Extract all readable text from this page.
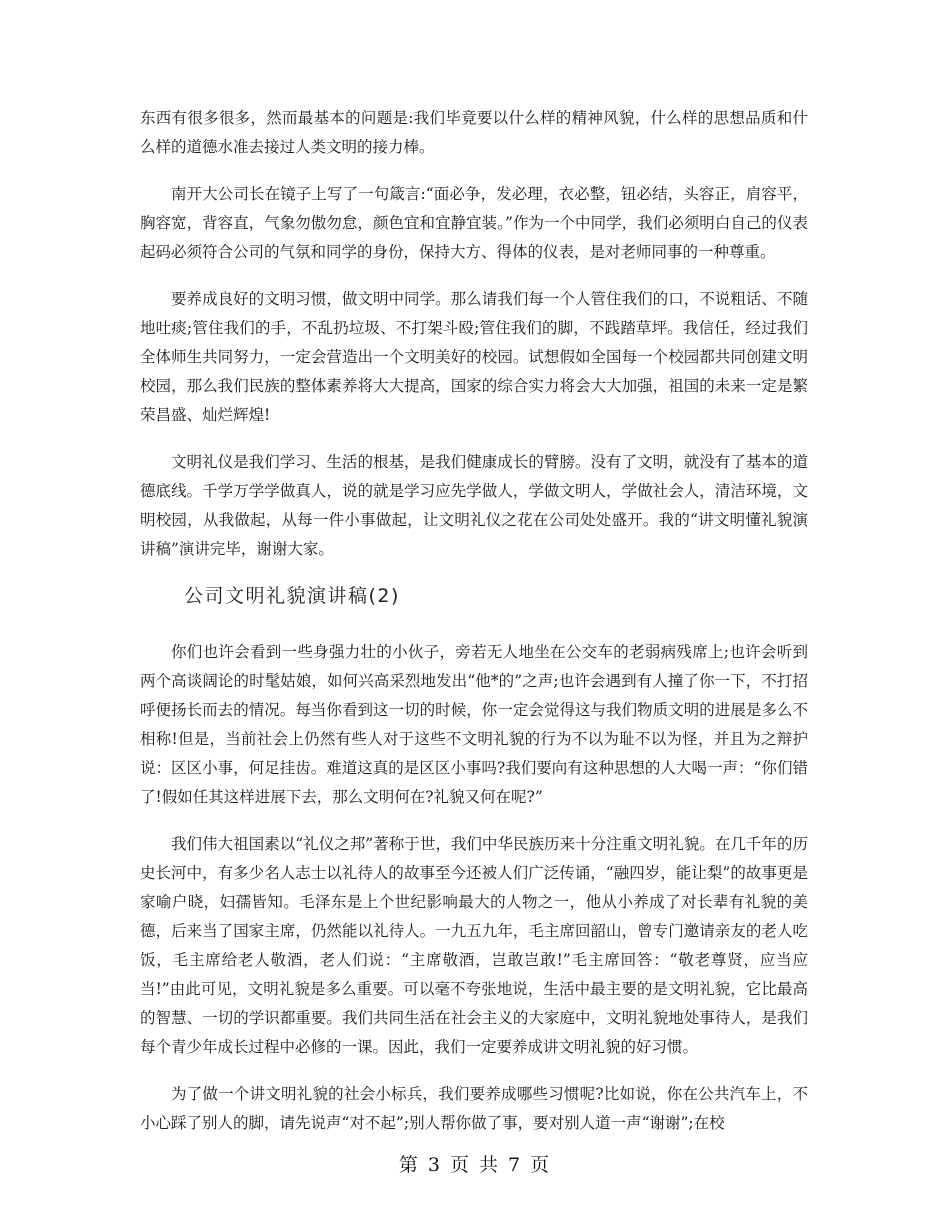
东西有很多很多，然而最基本的问题是:我们毕竟要以什么样的精神风貌，什么样的思想品质和什么样的道德水准去接过人类文明的接力棒。

南开大公司长在镜子上写了一句箴言:“面必争，发必理，衣必整，钮必结，头容正，肩容平，胸容宽，背容直，气象勿傲勿怠，颜色宜和宜静宜装。”作为一个中同学，我们必须明白自己的仪表起码必须符合公司的气氛和同学的身份，保持大方、得体的仪表，是对老师同事的一种尊重。

要养成良好的文明习惯，做文明中同学。那么请我们每一个人管住我们的口，不说粗话、不随地吐痰;管住我们的手，不乱扔垃圾、不打架斗殴;管住我们的脚，不践踏草坪。我信任，经过我们全体师生共同努力，一定会营造出一个文明美好的校园。试想假如全国每一个校园都共同创建文明校园，那么我们民族的整体素养将大大提高，国家的综合实力将会大大加强，祖国的未来一定是繁荣昌盛、灿烂辉煌!

文明礼仪是我们学习、生活的根基，是我们健康成长的臂膀。没有了文明，就没有了基本的道德底线。千学万学学做真人，说的就是学习应先学做人，学做文明人，学做社会人，清洁环境，文明校园，从我做起，从每一件小事做起，让文明礼仪之花在公司处处盛开。我的“讲文明懂礼貌演讲稿”演讲完毕，谢谢大家。

公司文明礼貌演讲稿(2)

你们也许会看到一些身强力壮的小伙子，旁若无人地坐在公交车的老弱病残席上;也许会听到两个高谈阔论的时髦姑娘，如何兴高采烈地发出“他*的”之声;也许会遇到有人撞了你一下，不打招呼便扬长而去的情况。每当你看到这一切的时候，你一定会觉得这与我们物质文明的进展是多么不相称!但是，当前社会上仍然有些人对于这些不文明礼貌的行为不以为耻不以为怪，并且为之辩护说：区区小事，何足挂齿。难道这真的是区区小事吗?我们要向有这种思想的人大喝一声：“你们错了!假如任其这样进展下去，那么文明何在?礼貌又何在呢?”

我们伟大祖国素以“礼仪之邦”著称于世，我们中华民族历来十分注重文明礼貌。在几千年的历史长河中，有多少名人志士以礼待人的故事至今还被人们广泛传诵，“融四岁，能让梨”的故事更是家喻户晓，妇孺皆知。毛泽东是上个世纪影响最大的人物之一，他从小养成了对长辈有礼貌的美德，后来当了国家主席，仍然能以礼待人。一九五九年，毛主席回韶山，曾专门邀请亲友的老人吃饭，毛主席给老人敬酒，老人们说：“主席敬酒，岂敢岂敢!”毛主席回答：“敬老尊贤，应当应当!”由此可见，文明礼貌是多么重要。可以毫不夸张地说，生活中最主要的是文明礼貌，它比最高的智慧、一切的学识都重要。我们共同生活在社会主义的大家庭中，文明礼貌地处事待人，是我们每个青少年成长过程中必修的一课。因此，我们一定要养成讲文明礼貌的好习惯。

为了做一个讲文明礼貌的社会小标兵，我们要养成哪些习惯呢?比如说，你在公共汽车上，不小心踩了别人的脚，请先说声“对不起”;别人帮你做了事，要对别人道一声“谢谢”;在校

第 3 页 共 7 页
